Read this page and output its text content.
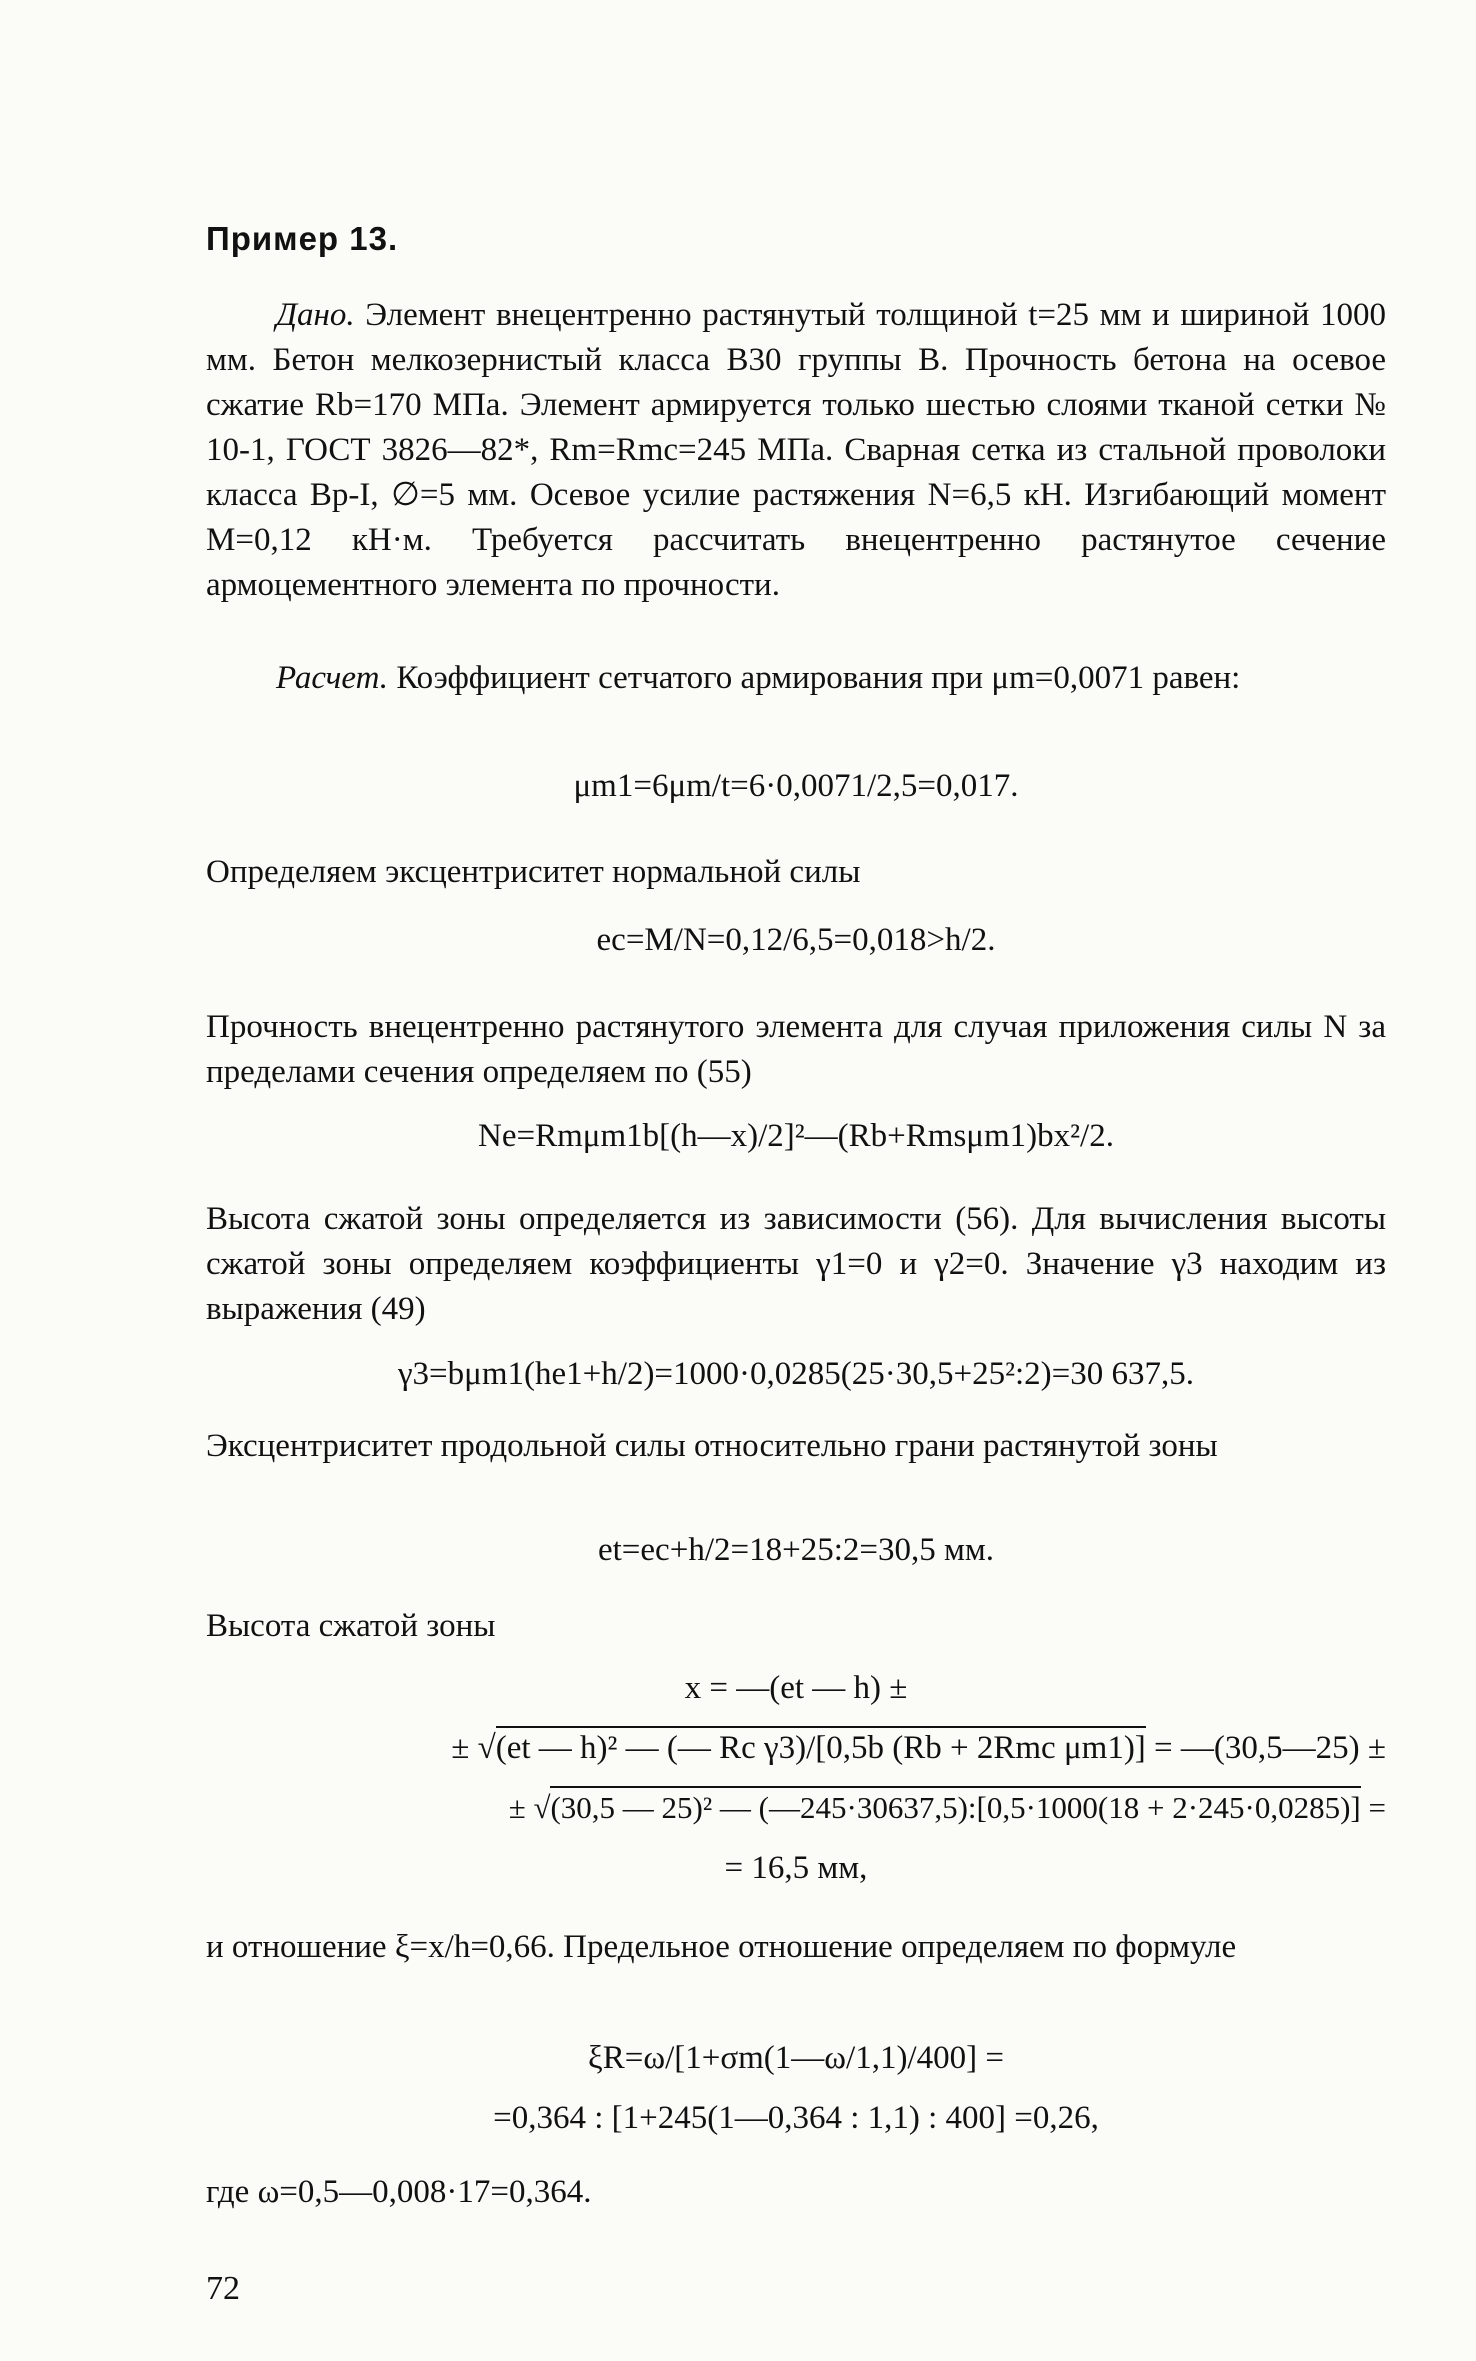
Пример 13.
Дано. Элемент внецентренно растянутый толщиной t=25 мм и шириной 1000 мм. Бетон мелкозернистый класса В30 группы В. Прочность бетона на осевое сжатие Rb=170 МПа. Элемент армируется только шестью слоями тканой сетки № 10-1, ГОСТ 3826—82*, Rm=Rmc=245 МПа. Сварная сетка из стальной проволоки класса Вр-I, ∅=5 мм. Осевое усилие растяжения N=6,5 кН. Изгибающий момент M=0,12 кН·м. Требуется рассчитать внецентренно растянутое сечение армоцементного элемента по прочности.
Расчет. Коэффициент сетчатого армирования при μm=0,0071 равен:
μm1=6μm/t=6·0,0071/2,5=0,017.
Определяем эксцентриситет нормальной силы
ec=M/N=0,12/6,5=0,018>h/2.
Прочность внецентренно растянутого элемента для случая приложения силы N за пределами сечения определяем по (55)
Ne=Rmμm1b[(h—x)/2]²—(Rb+Rmsμm1)bx²/2.
Высота сжатой зоны определяется из зависимости (56). Для вычисления высоты сжатой зоны определяем коэффициенты γ1=0 и γ2=0. Значение γ3 находим из выражения (49)
γ3=bμm1(he1+h/2)=1000·0,0285(25·30,5+25²:2)=30 637,5.
Эксцентриситет продольной силы относительно грани растянутой зоны
et=ec+h/2=18+25:2=30,5 мм.
Высота сжатой зоны
x = —(et — h) ±
± √(et — h)² — (— Rc γ3)/[0,5b (Rb + 2Rmc μm1)] = —(30,5—25) ±
± √(30,5 — 25)² — (—245·30637,5):[0,5·1000(18 + 2·245·0,0285)] =
= 16,5 мм,
и отношение ξ=x/h=0,66. Предельное отношение определяем по формуле
ξR=ω/[1+σm(1—ω/1,1)/400] =
=0,364 : [1+245(1—0,364 : 1,1) : 400] =0,26,
где ω=0,5—0,008·17=0,364.
72
